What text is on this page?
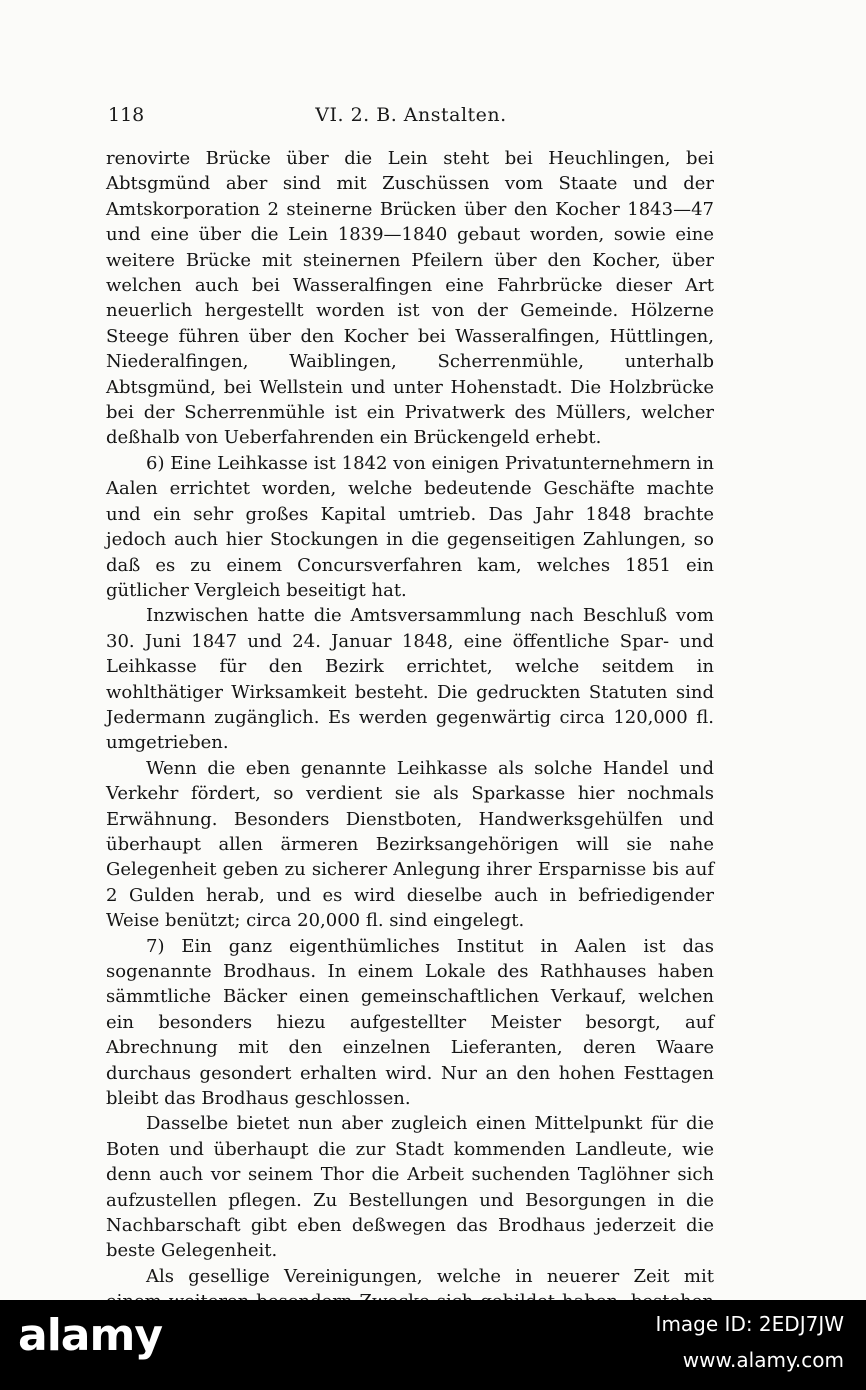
118	VI. 2. B. Anstalten.

renovirte Brücke über die Lein steht bei Heuchlingen, bei Abtsgmünd aber sind mit Zuschüssen vom Staate und der Amtskorporation 2 steinerne Brücken über den Kocher 1843—47 und eine über die Lein 1839—1840 gebaut worden, sowie eine weitere Brücke mit steinernen Pfeilern über den Kocher, über welchen auch bei Wasseralfingen eine Fahrbrücke dieser Art neuerlich hergestellt worden ist von der Gemeinde. Hölzerne Steege führen über den Kocher bei Wasseralfingen, Hüttlingen, Niederalfingen, Waiblingen, Scherrenmühle, unterhalb Abtsgmünd, bei Wellstein und unter Hohenstadt. Die Holzbrücke bei der Scherrenmühle ist ein Privatwerk des Müllers, welcher deßhalb von Ueberfahrenden ein Brückengeld erhebt.

6) Eine Leihkasse ist 1842 von einigen Privatunternehmern in Aalen errichtet worden, welche bedeutende Geschäfte machte und ein sehr großes Kapital umtrieb. Das Jahr 1848 brachte jedoch auch hier Stockungen in die gegenseitigen Zahlungen, so daß es zu einem Concursverfahren kam, welches 1851 ein gütlicher Vergleich beseitigt hat.

Inzwischen hatte die Amtsversammlung nach Beschluß vom 30. Juni 1847 und 24. Januar 1848, eine öffentliche Spar- und Leihkasse für den Bezirk errichtet, welche seitdem in wohlthätiger Wirksamkeit besteht. Die gedruckten Statuten sind Jedermann zugänglich. Es werden gegenwärtig circa 120,000 fl. umgetrieben.

Wenn die eben genannte Leihkasse als solche Handel und Verkehr fördert, so verdient sie als Sparkasse hier nochmals Erwähnung. Besonders Dienstboten, Handwerksgehülfen und überhaupt allen ärmeren Bezirksangehörigen will sie nahe Gelegenheit geben zu sicherer Anlegung ihrer Ersparnisse bis auf 2 Gulden herab, und es wird dieselbe auch in befriedigender Weise benützt; circa 20,000 fl. sind eingelegt.

7) Ein ganz eigenthümliches Institut in Aalen ist das sogenannte Brodhaus. In einem Lokale des Rathhauses haben sämmtliche Bäcker einen gemeinschaftlichen Verkauf, welchen ein besonders hiezu aufgestellter Meister besorgt, auf Abrechnung mit den einzelnen Lieferanten, deren Waare durchaus gesondert erhalten wird. Nur an den hohen Festtagen bleibt das Brodhaus geschlossen.

Dasselbe bietet nun aber zugleich einen Mittelpunkt für die Boten und überhaupt die zur Stadt kommenden Landleute, wie denn auch vor seinem Thor die Arbeit suchenden Taglöhner sich aufzustellen pflegen. Zu Bestellungen und Besorgungen in die Nachbarschaft gibt eben deßwegen das Brodhaus jederzeit die beste Gelegenheit.

Als gesellige Vereinigungen, welche in neuerer Zeit mit

alamy	Image ID: 2EDJ7JW
www.alamy.com
